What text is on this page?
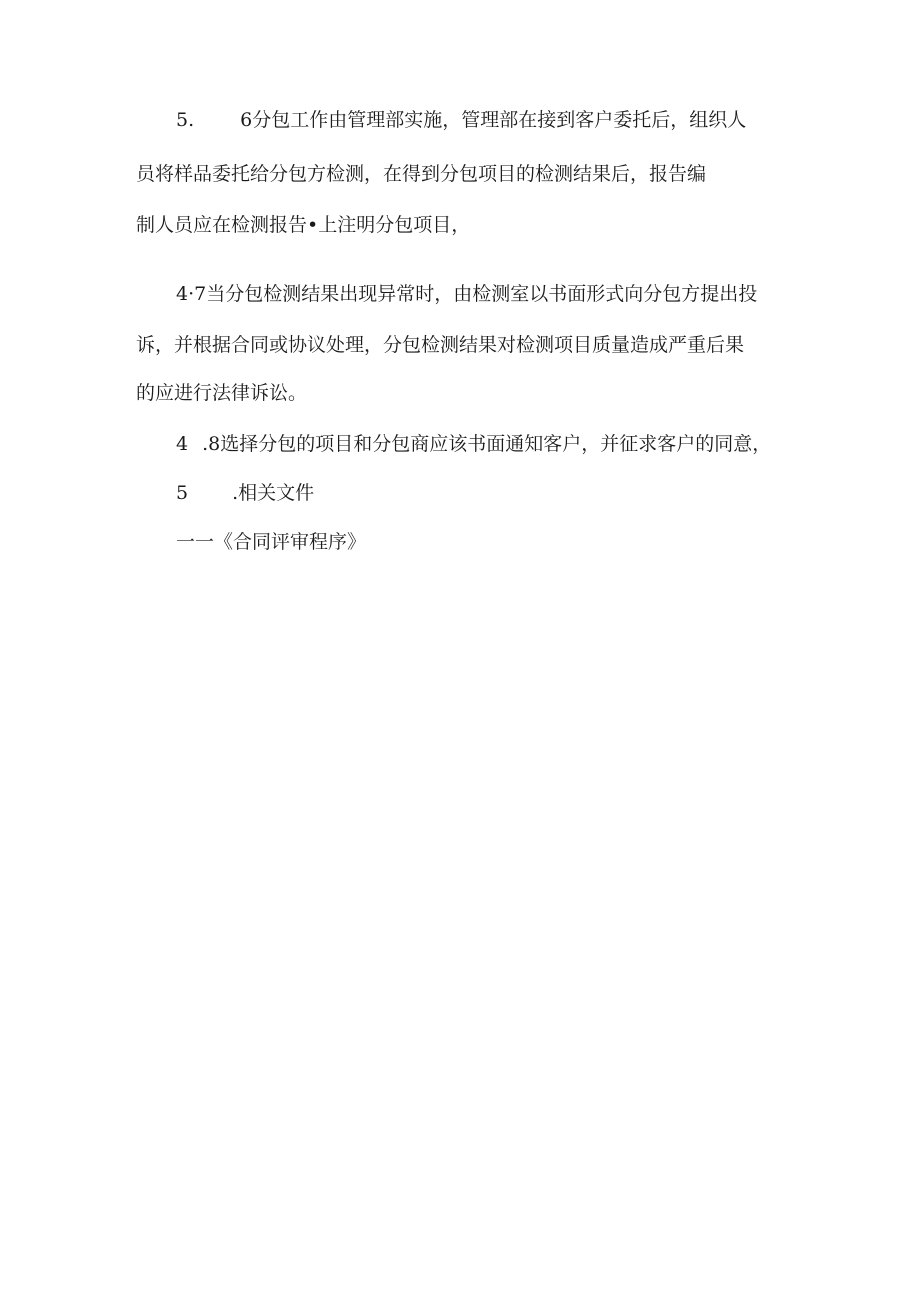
5. 6分包工作由管理部实施，管理部在接到客户委托后，组织人
员将样品委托给分包方检测，在得到分包项目的检测结果后，报告编
制人员应在检测报告•上注明分包项目，
4·7当分包检测结果出现异常时，由检测室以书面形式向分包方提出投
诉，并根据合同或协议处理，分包检测结果对检测项目质量造成严重后果
的应进行法律诉讼。
4 .8选择分包的项目和分包商应该书面通知客户，并征求客户的同意，
5 .相关文件
一一《合同评审程序》
